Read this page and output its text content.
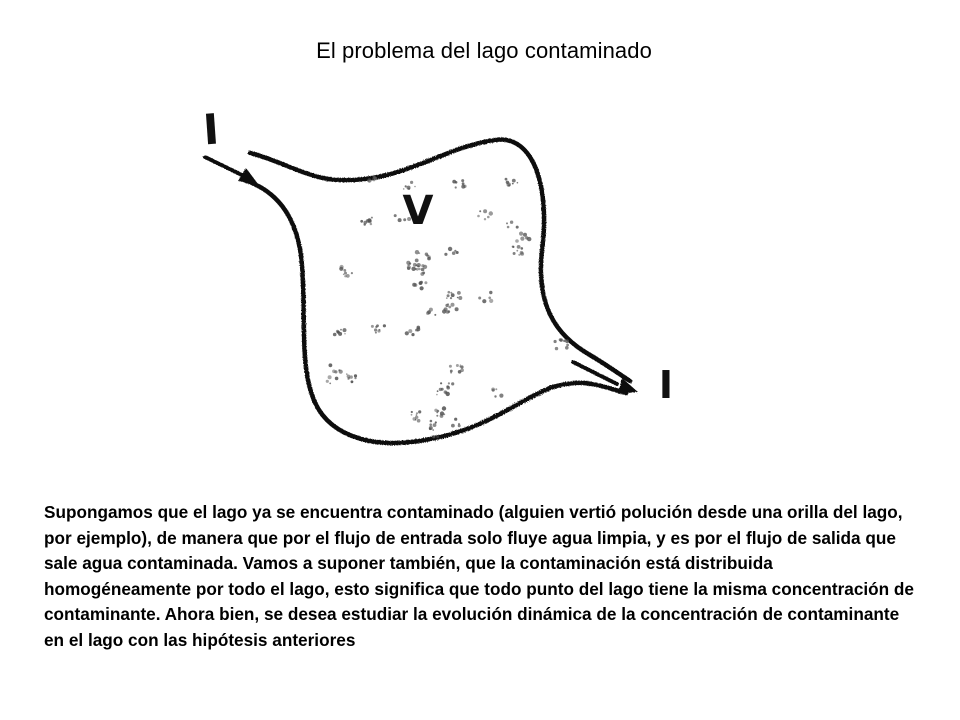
El problema del lago contaminado
I
V
I

Supongamos que el lago ya se encuentra contaminado (alguien vertió polución desde una orilla del lago, por ejemplo), de manera que por el flujo de entrada solo fluye agua limpia, y es por el flujo de salida que sale agua contaminada. Vamos a suponer también, que la contaminación está distribuida homogéneamente por todo el lago, esto significa que todo punto del lago tiene la misma concentración de contaminante. Ahora bien, se desea estudiar la evolución dinámica de la concentración de contaminante en el lago con las hipótesis anteriores
